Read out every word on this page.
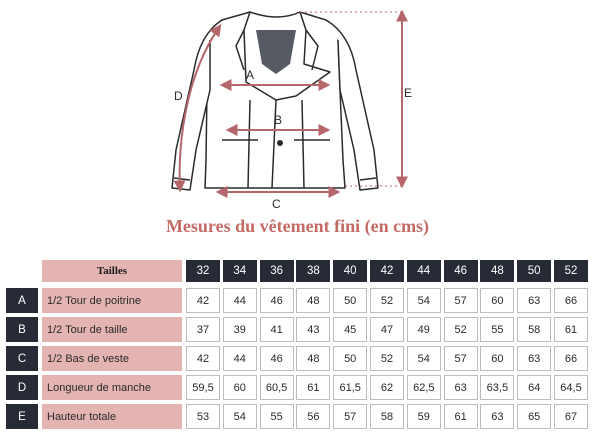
A
B
C
D	E
Mesures du vêtement fini (en cms)
Tailles	32	34	36	38	40	42	44	46	48	50	52
A	1/2 Tour de poitrine	42	44	46	48	50	52	54	57	60	63	66
B	1/2 Tour de taille	37	39	41	43	45	47	49	52	55	58	61
C	1/2 Bas de veste	42	44	46	48	50	52	54	57	60	63	66
D	Longueur de manche	59,5	60	60,5	61	61,5	62	62,5	63	63,5	64	64,5
E	Hauteur totale	53	54	55	56	57	58	59	61	63	65	67
